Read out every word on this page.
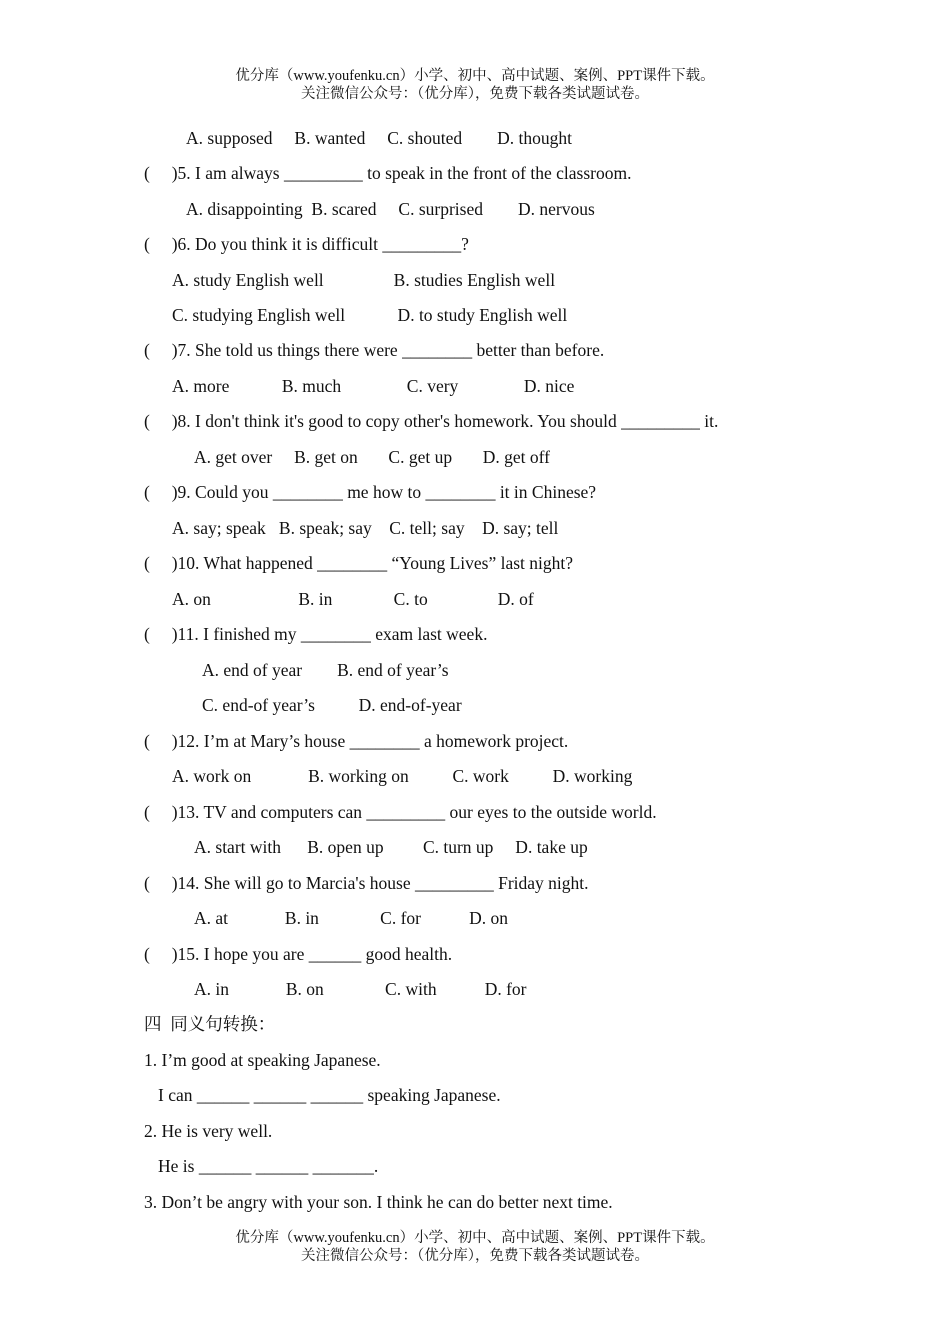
优分库（www.youfenku.cn）小学、初中、高中试题、案例、PPT课件下载。
关注微信公众号：（优分库），免费下载各类试题试卷。
A. supposed     B. wanted     C. shouted        D. thought
(     )5. I am always _________ to speak in the front of the classroom.
A. disappointing  B. scared     C. surprised        D. nervous
(     )6. Do you think it is difficult _________?
A. study English well                B. studies English well
C. studying English well            D. to study English well
(     )7. She told us things there were ________ better than before.
A. more            B. much               C. very               D. nice
(     )8. I don't think it's good to copy other's homework. You should _________ it.
A. get over     B. get on       C. get up       D. get off
(     )9. Could you ________ me how to ________ it in Chinese?
A. say; speak   B. speak; say    C. tell; say    D. say; tell
(     )10. What happened ________ “Young Lives” last night?
A. on                    B. in              C. to                D. of
(     )11. I finished my ________ exam last week.
A. end of year        B. end of year’s
C. end-of year’s          D. end-of-year
(     )12. I’m at Mary’s house ________ a homework project.
A. work on             B. working on          C. work          D. working
(     )13. TV and computers can _________ our eyes to the outside world.
A. start with      B. open up         C. turn up     D. take up
(     )14. She will go to Marcia's house _________ Friday night.
A. at             B. in              C. for           D. on
(     )15. I hope you are ______ good health.
A. in             B. on              C. with           D. for
四  同义句转换：
1. I’m good at speaking Japanese.
I can ______ ______ ______ speaking Japanese.
2. He is very well.
He is ______ ______ _______.
3. Don’t be angry with your son. I think he can do better next time.
优分库（www.youfenku.cn）小学、初中、高中试题、案例、PPT课件下载。
关注微信公众号：（优分库），免费下载各类试题试卷。
